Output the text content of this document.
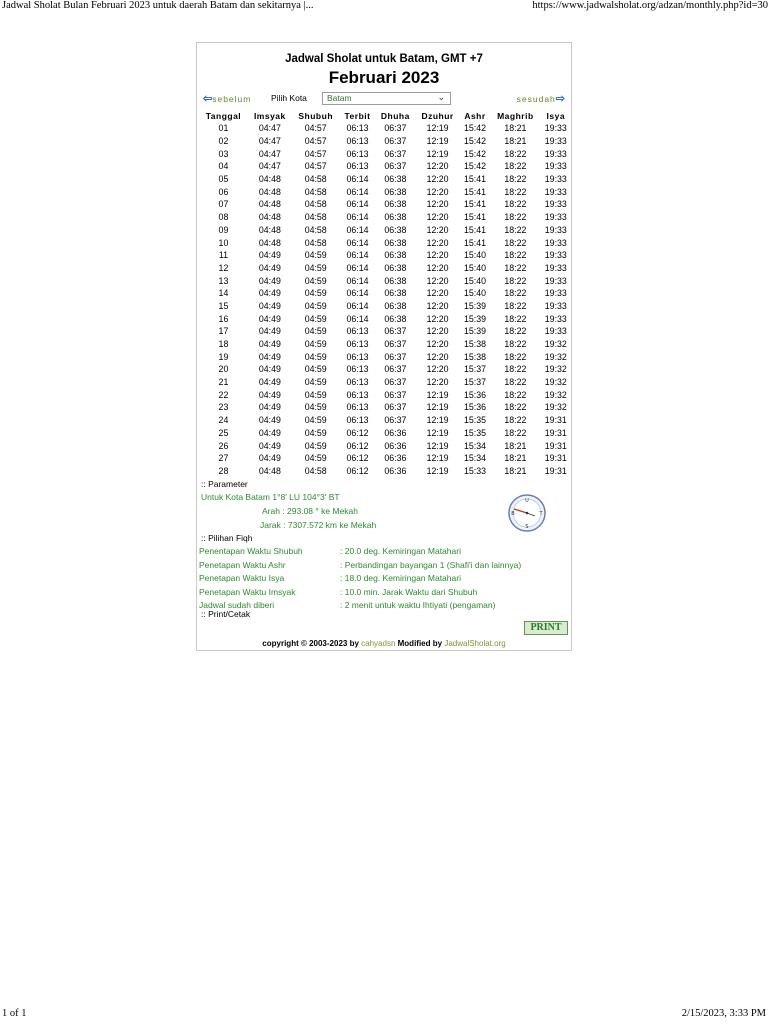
Jadwal Sholat Bulan Februari 2023 untuk daerah Batam dan sekitarnya |...	https://www.jadwalsholat.org/adzan/monthly.php?id=30
Jadwal Sholat untuk Batam, GMT +7
Februari 2023
⇦sebelum Pilih Kota	Batam	⌄	sesudah⇨
Tanggal	Imsyak	Shubuh	Terbit	Dhuha	Dzuhur	Ashr	Maghrib	Isya
01	04:47	04:57	06:13	06:37	12:19	15:42	18:21	19:33
02	04:47	04:57	06:13	06:37	12:19	15:42	18:21	19:33
03	04:47	04:57	06:13	06:37	12:19	15:42	18:22	19:33
04	04:47	04:57	06:13	06:37	12:20	15:42	18:22	19:33
05	04:48	04:58	06:14	06:38	12:20	15:41	18:22	19:33
06	04:48	04:58	06:14	06:38	12:20	15:41	18:22	19:33
07	04:48	04:58	06:14	06:38	12:20	15:41	18:22	19:33
08	04:48	04:58	06:14	06:38	12:20	15:41	18:22	19:33
09	04:48	04:58	06:14	06:38	12:20	15:41	18:22	19:33
10	04:48	04:58	06:14	06:38	12:20	15:41	18:22	19:33
11	04:49	04:59	06:14	06:38	12:20	15:40	18:22	19:33
12	04:49	04:59	06:14	06:38	12:20	15:40	18:22	19:33
13	04:49	04:59	06:14	06:38	12:20	15:40	18:22	19:33
14	04:49	04:59	06:14	06:38	12:20	15:40	18:22	19:33
15	04:49	04:59	06:14	06:38	12:20	15:39	18:22	19:33
16	04:49	04:59	06:14	06:38	12:20	15:39	18:22	19:33
17	04:49	04:59	06:13	06:37	12:20	15:39	18:22	19:33
18	04:49	04:59	06:13	06:37	12:20	15:38	18:22	19:32
19	04:49	04:59	06:13	06:37	12:20	15:38	18:22	19:32
20	04:49	04:59	06:13	06:37	12:20	15:37	18:22	19:32
21	04:49	04:59	06:13	06:37	12:20	15:37	18:22	19:32
22	04:49	04:59	06:13	06:37	12:19	15:36	18:22	19:32
23	04:49	04:59	06:13	06:37	12:19	15:36	18:22	19:32
24	04:49	04:59	06:13	06:37	12:19	15:35	18:22	19:31
25	04:49	04:59	06:12	06:36	12:19	15:35	18:22	19:31
26	04:49	04:59	06:12	06:36	12:19	15:34	18:21	19:31
27	04:49	04:59	06:12	06:36	12:19	15:34	18:21	19:31
28	04:48	04:58	06:12	06:36	12:19	15:33	18:21	19:31
:: Parameter
Untuk Kota Batam 1°8' LU 104°3' BT
Arah : 293.08 ° ke Mekah
Jarak : 7307.572 km ke Mekah
U
S
T
B
:: Pilihan Fiqh
Penentapan Waktu Shubuh	: 20.0 deg. Kemiringan Matahari
Penetapan Waktu Ashr	: Perbandingan bayangan 1 (Shafi'i dan lainnya)
Penetapan Waktu Isya	: 18.0 deg. Kemiringan Matahari
Penetapan Waktu Imsyak	: 10.0 min. Jarak Waktu dari Shubuh
Jadwal sudah diberi	: 2 menit untuk waktu Ihtiyati (pengaman)
:: Print/Cetak
PRINT
copyright © 2003-2023 by cahyadsn Modified by JadwalSholat.org
1 of 1	2/15/2023, 3:33 PM
